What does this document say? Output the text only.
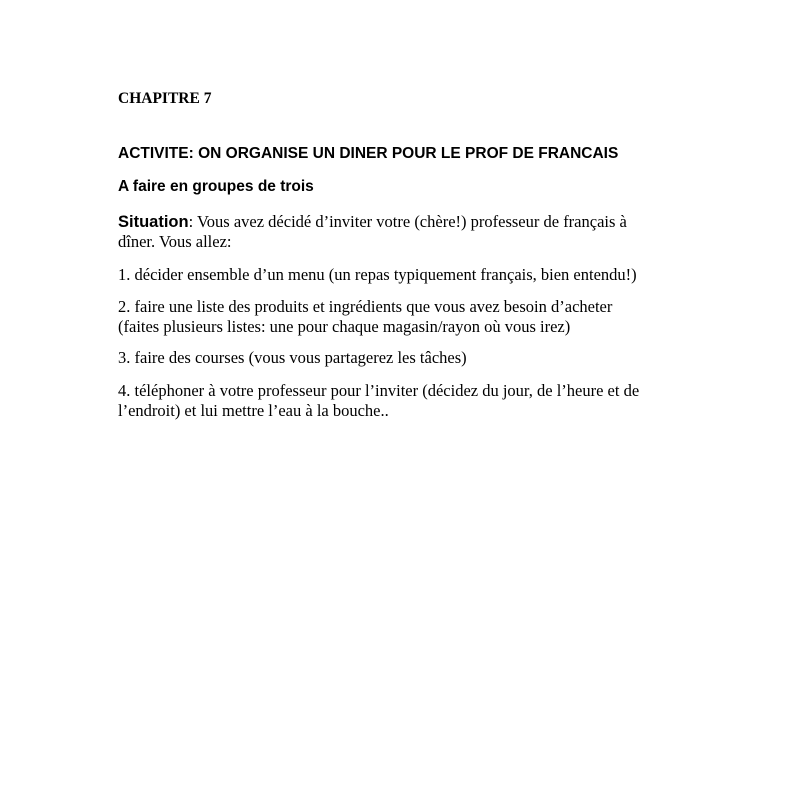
CHAPITRE 7
ACTIVITE: ON ORGANISE UN DINER POUR LE PROF DE FRANCAIS
A faire en groupes de trois
Situation: Vous avez décidé d’inviter votre (chère!) professeur de français à
dîner. Vous allez:
1. décider ensemble d’un menu (un repas typiquement français, bien entendu!)
2. faire une liste des produits et ingrédients que vous avez besoin d’acheter
(faites plusieurs listes: une pour chaque magasin/rayon où vous irez)
3. faire des courses (vous vous partagerez les tâches)
4. téléphoner à votre professeur pour l’inviter (décidez du jour, de l’heure et de
l’endroit) et lui mettre l’eau à la bouche..
